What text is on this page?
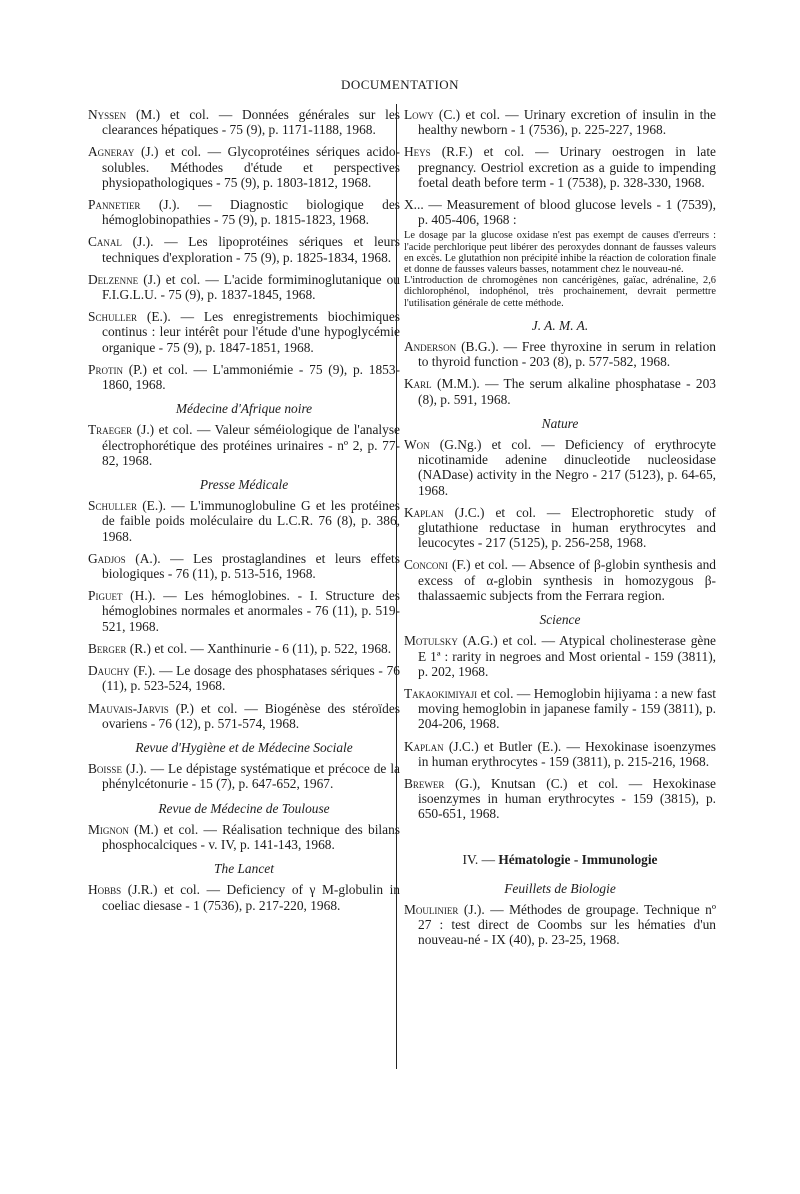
DOCUMENTATION

Nyssen (M.) et col. — Données générales sur les clearances hépatiques - 75 (9), p. 1171-1188, 1968.

Agneray (J.) et col. — Glycoprotéines sériques acido-solubles. Méthodes d'étude et perspectives physiopathologiques - 75 (9), p. 1803-1812, 1968.

Pannetier (J.). — Diagnostic biologique des hémoglobinopathies - 75 (9), p. 1815-1823, 1968.

Canal (J.). — Les lipoprotéines sériques et leurs techniques d'exploration - 75 (9), p. 1825-1834, 1968.

Delzenne (J.) et col. — L'acide formiminoglutanique ou F.I.G.L.U. - 75 (9), p. 1837-1845, 1968.

Schuller (E.). — Les enregistrements biochimiques continus : leur intérêt pour l'étude d'une hypoglycémie organique - 75 (9), p. 1847-1851, 1968.

Protin (P.) et col. — L'ammoniémie - 75 (9), p. 1853-1860, 1968.

Médecine d'Afrique noire

Traeger (J.) et col. — Valeur séméiologique de l'analyse électrophorétique des protéines urinaires - nº 2, p. 77-82, 1968.

Presse Médicale

Schuller (E.). — L'immunoglobuline G et les protéines de faible poids moléculaire du L.C.R. 76 (8), p. 386, 1968.

Gadjos (A.). — Les prostaglandines et leurs effets biologiques - 76 (11), p. 513-516, 1968.

Piguet (H.). — Les hémoglobines. - I. Structure des hémoglobines normales et anormales - 76 (11), p. 519-521, 1968.

Berger (R.) et col. — Xanthinurie - 6 (11), p. 522, 1968.

Dauchy (F.). — Le dosage des phosphatases sériques - 76 (11), p. 523-524, 1968.

Mauvais-Jarvis (P.) et col. — Biogénèse des stéroïdes ovariens - 76 (12), p. 571-574, 1968.

Revue d'Hygiène et de Médecine Sociale

Boisse (J.). — Le dépistage systématique et précoce de la phénylcétonurie - 15 (7), p. 647-652, 1967.

Revue de Médecine de Toulouse

Mignon (M.) et col. — Réalisation technique des bilans phosphocalciques - v. IV, p. 141-143, 1968.

The Lancet

Hobbs (J.R.) et col. — Deficiency of γ M-globulin in coeliac diesase - 1 (7536), p. 217-220, 1968.

Lowy (C.) et col. — Urinary excretion of insulin in the healthy newborn - 1 (7536), p. 225-227, 1968.

Heys (R.F.) et col. — Urinary oestrogen in late pregnancy. Oestriol excretion as a guide to impending foetal death before term - 1 (7538), p. 328-330, 1968.

X... — Measurement of blood glucose levels - 1 (7539), p. 405-406, 1968 :

Le dosage par la glucose oxidase n'est pas exempt de causes d'erreurs : l'acide perchlorique peut libérer des peroxydes donnant de fausses valeurs en excès. Le glutathion non précipité inhibe la réaction de coloration finale et donne de fausses valeurs basses, notamment chez le nouveau-né.

L'introduction de chromogènes non cancérigènes, gaïac, adrénaline, 2,6 dichlorophénol, indophénol, très prochainement, devrait permettre l'utilisation générale de cette méthode.

J. A. M. A.

Anderson (B.G.). — Free thyroxine in serum in relation to thyroid function - 203 (8), p. 577-582, 1968.

Karl (M.M.). — The serum alkaline phosphatase - 203 (8), p. 591, 1968.

Nature

Won (G.Ng.) et col. — Deficiency of erythrocyte nicotinamide adenine dinucleotide nucleosidase (NADase) activity in the Negro - 217 (5123), p. 64-65, 1968.

Kaplan (J.C.) et col. — Electrophoretic study of glutathione reductase in human erythrocytes and leucocytes - 217 (5125), p. 256-258, 1968.

Conconi (F.) et col. — Absence of β-globin synthesis and excess of α-globin synthesis in homozygous β-thalassaemic subjects from the Ferrara region.

Science

Motulsky (A.G.) et col. — Atypical cholinesterase gène E 1ª : rarity in negroes and Most oriental - 159 (3811), p. 202, 1968.

Takaokimiyaji et col. — Hemoglobin hijiyama : a new fast moving hemoglobin in japanese family - 159 (3811), p. 204-206, 1968.

Kaplan (J.C.) et Butler (E.). — Hexokinase isoenzymes in human erythrocytes - 159 (3811), p. 215-216, 1968.

Brewer (G.), Knutsan (C.) et col. — Hexokinase isoenzymes in human erythrocytes - 159 (3815), p. 650-651, 1968.

IV. — Hématologie - Immunologie
Feuillets de Biologie

Moulinier (J.). — Méthodes de groupage. Technique nº 27 : test direct de Coombs sur les hématies d'un nouveau-né - IX (40), p. 23-25, 1968.
